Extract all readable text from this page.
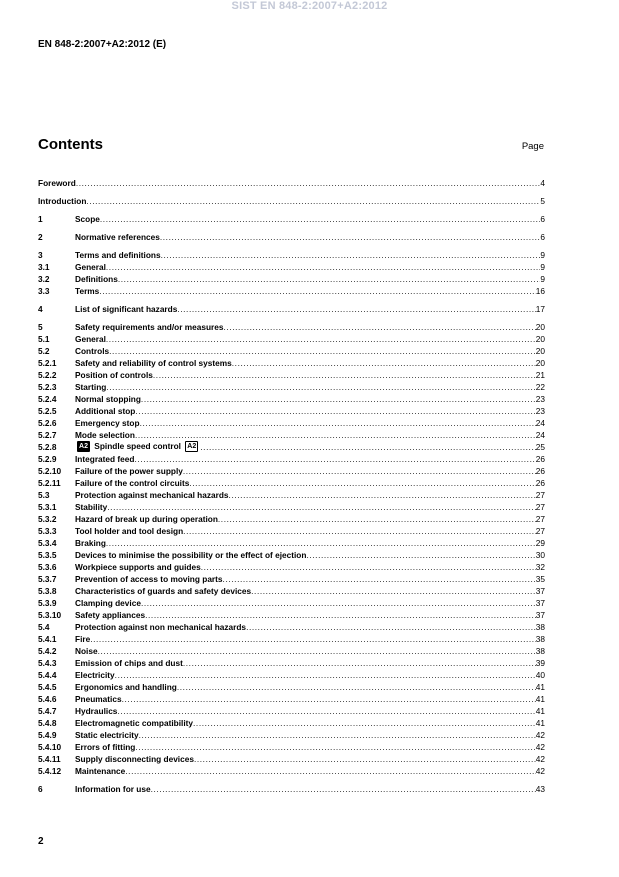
SIST EN 848-2:2007+A2:2012
EN 848-2:2007+A2:2012 (E)
Contents	Page
Foreword .....	4
Introduction .....	5
1	Scope .....	6
2	Normative references .....	6
3	Terms and definitions .....	9
3.1	General .....	9
3.2	Definitions .....	9
3.3	Terms .....	16
4	List of significant hazards .....	17
5	Safety requirements and/or measures .....	20
5.1	General .....	20
5.2	Controls .....	20
5.2.1	Safety and reliability of control systems .....	20
5.2.2	Position of controls .....	21
5.2.3	Starting .....	22
5.2.4	Normal stopping .....	23
5.2.5	Additional stop .....	23
5.2.6	Emergency stop .....	24
5.2.7	Mode selection .....	24
5.2.8	A2 Spindle speed control A2 .....	25
5.2.9	Integrated feed .....	26
5.2.10	Failure of the power supply .....	26
5.2.11	Failure of the control circuits .....	26
5.3	Protection against mechanical hazards .....	27
5.3.1	Stability .....	27
5.3.2	Hazard of break up during operation .....	27
5.3.3	Tool holder and tool design .....	27
5.3.4	Braking .....	29
5.3.5	Devices to minimise the possibility or the effect of ejection .....	30
5.3.6	Workpiece supports and guides .....	32
5.3.7	Prevention of access to moving parts .....	35
5.3.8	Characteristics of guards and safety devices .....	37
5.3.9	Clamping device .....	37
5.3.10	Safety appliances .....	37
5.4	Protection against non mechanical hazards .....	38
5.4.1	Fire .....	38
5.4.2	Noise .....	38
5.4.3	Emission of chips and dust .....	39
5.4.4	Electricity .....	40
5.4.5	Ergonomics and handling .....	41
5.4.6	Pneumatics .....	41
5.4.7	Hydraulics .....	41
5.4.8	Electromagnetic compatibility .....	41
5.4.9	Static electricity .....	42
5.4.10	Errors of fitting .....	42
5.4.11	Supply disconnecting devices .....	42
5.4.12	Maintenance .....	42
6	Information for use .....	43
2
